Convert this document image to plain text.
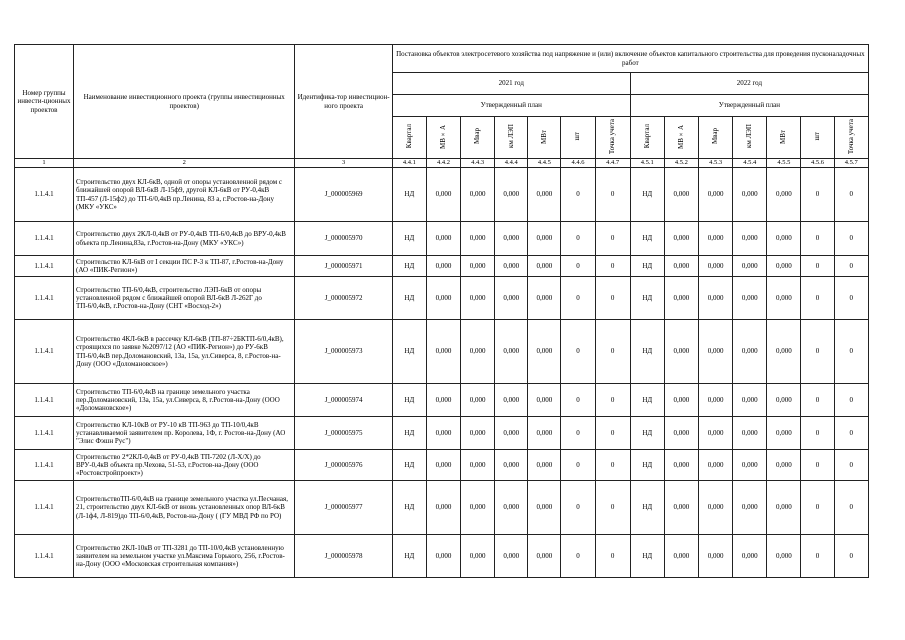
Номер группы инвести-ционных проектов	Наименование инвестиционного проекта (группы инвестиционных проектов)	Идентифика-тор инвестицион-ного проекта	Постановка объектов электросетевого хозяйства под напряжение и (или) включение объектов капитального строительства для проведения пусконаладочных работ													
			2021 год							2022 год						
			Утвержденный план							Утвержденный план						
			Квартал	МВ×А	Мвар	км ЛЭП	МВт	шт	Точка учета	Квартал	МВ×А	Мвар	км ЛЭП	МВт	шт	Точка учета
1	2	3	4.4.1	4.4.2	4.4.3	4.4.4	4.4.5	4.4.6	4.4.7	4.5.1	4.5.2	4.5.3	4.5.4	4.5.5	4.5.6	4.5.7
1.1.4.1	Строительство двух КЛ-6кВ, одной от опоры установленной рядом с ближайшей опорой ВЛ-6кВ Л-15ф9, другой КЛ-6кВ от РУ-0,4кВ ТП-457 (Л-15ф2) до ТП-6/0,4кВ пр.Ленина, 83 а, г.Ростов-на-Дону (МКУ «УКС»	J_000005969	НД	0,000	0,000	0,000	0,000	0	0	НД	0,000	0,000	0,000	0,000	0	0
1.1.4.1	Строительство двух 2КЛ-0,4кВ от РУ-0,4кВ ТП-6/0,4кВ до ВРУ-0,4кВ объекта пр.Ленина,83а, г.Ростов-на-Дону (МКУ «УКС»)	J_000005970	НД	0,000	0,000	0,000	0,000	0	0	НД	0,000	0,000	0,000	0,000	0	0
1.1.4.1	Строительство КЛ-6кВ от I секции ПС Р-3 к ТП-87, г.Ростов-на-Дону (АО «ПИК-Регион»)	J_000005971	НД	0,000	0,000	0,000	0,000	0	0	НД	0,000	0,000	0,000	0,000	0	0
1.1.4.1	Строительство ТП-6/0,4кВ, строительство ЛЭП-6кВ от опоры установленной рядом с ближайшей опорой ВЛ-6кВ Л-262Г до ТП-6/0,4кВ, г.Ростов-на-Дону (СНТ «Восход-2»)	J_000005972	НД	0,000	0,000	0,000	0,000	0	0	НД	0,000	0,000	0,000	0,000	0	0
1.1.4.1	Строительство 4КЛ-6кВ в рассечку КЛ-6кВ (ТП-87÷2БКТП-6/0,4кВ), строящихся по заявке №2097/12 (АО «ПИК-Регион») до РУ-6кВ ТП-6/0,4кВ пер.Доломановский, 13а, 15а, ул.Сиверса, 8, г.Ростов-на-Дону (ООО «Доломановское»)	J_000005973	НД	0,000	0,000	0,000	0,000	0	0	НД	0,000	0,000	0,000	0,000	0	0
1.1.4.1	Строительство ТП-6/0,4кВ на границе земельного участка пер.Доломановский, 13а, 15а, ул.Сиверса, 8, г.Ростов-на-Дону (ООО «Доломановское»)	J_000005974	НД	0,000	0,000	0,000	0,000	0	0	НД	0,000	0,000	0,000	0,000	0	0
1.1.4.1	Строительство КЛ-10кВ от РУ-10 кВ ТП-963 до ТП-10/0,4кВ устанавливаемой заявителем пр. Королева, 1Ф, г. Ростов-на-Дону (АО "Элис Фэшн Рус")	J_000005975	НД	0,000	0,000	0,000	0,000	0	0	НД	0,000	0,000	0,000	0,000	0	0
1.1.4.1	Строительство 2*2КЛ-0,4кВ от РУ-0,4кВ ТП-7202 (Л-Х/Х) до ВРУ-0,4кВ объекта пр.Чехова, 51-53, г.Ростов-на-Дону (ООО «Ростовстройпроект»)	J_000005976	НД	0,000	0,000	0,000	0,000	0	0	НД	0,000	0,000	0,000	0,000	0	0
1.1.4.1	СтроительствоТП-6/0,4кВ на границе земельного участка ул.Песчаная, 21, строительство двух КЛ-6кВ от вновь установленных опор ВЛ-6кВ (Л-1ф4, Л-819)до ТП-6/0,4кВ, Ростов-на-Дону ( (ГУ МВД РФ по РО)	J_000005977	НД	0,000	0,000	0,000	0,000	0	0	НД	0,000	0,000	0,000	0,000	0	0
1.1.4.1	Строительство 2КЛ-10кВ от ТП-3281 до ТП-10/0,4кВ установленную заявителем на земельном участке ул.Максима Горького, 256, г.Ростов-на-Дону (ООО «Московская строительная компания»)	J_000005978	НД	0,000	0,000	0,000	0,000	0	0	НД	0,000	0,000	0,000	0,000	0	0
